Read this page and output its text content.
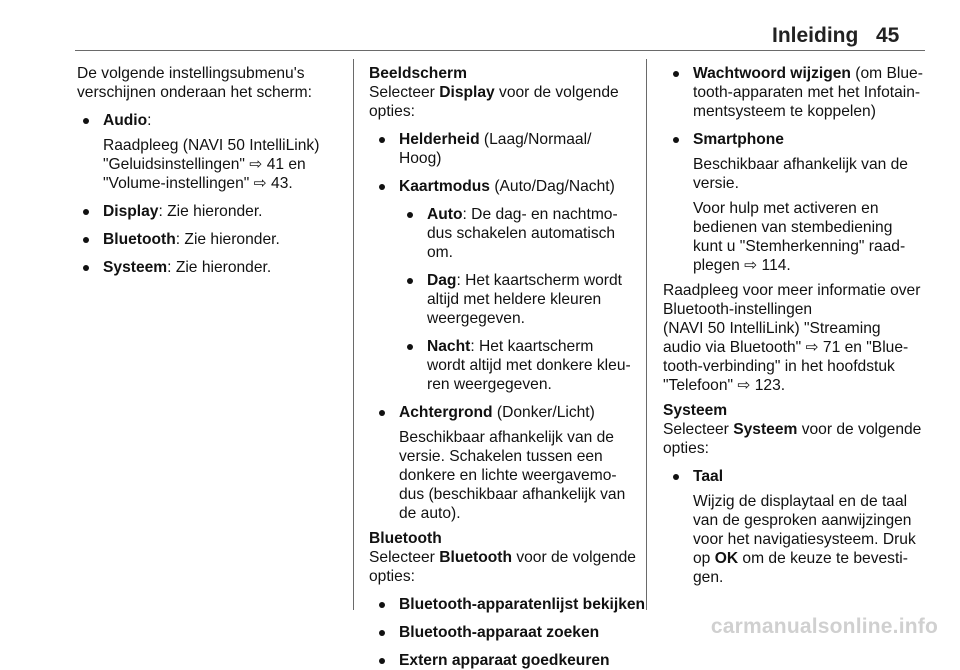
Inleiding 45

De volgende instellingsubmenu's

verschijnen onderaan het scherm:

Audio:
Raadpleeg (NAVI 50 IntelliLink)
"Geluidsinstellingen" ⇨ 41 en
"Volume-instellingen" ⇨ 43.
Display: Zie hieronder.
Bluetooth: Zie hieronder.
Systeem: Zie hieronder.

Beeldscherm

Selecteer Display voor de volgende

opties:

Helderheid (Laag/Normaal/
Hoog)
Kaartmodus (Auto/Dag/Nacht)
Auto: De dag- en nachtmo-
dus schakelen automatisch
om.
Dag: Het kaartscherm wordt
altijd met heldere kleuren
weergegeven.
Nacht: Het kaartscherm
wordt altijd met donkere kleu-
ren weergegeven.
Achtergrond (Donker/Licht)
Beschikbaar afhankelijk van de
versie. Schakelen tussen een
donkere en lichte weergavemo-
dus (beschikbaar afhankelijk van
de auto).

Bluetooth

Selecteer Bluetooth voor de volgende

opties:

Bluetooth-apparatenlijst bekijken
Bluetooth-apparaat zoeken
Extern apparaat goedkeuren
Wachtwoord wijzigen (om Blue-
tooth-apparaten met het Infotain-
mentsysteem te koppelen)
Smartphone
Beschikbaar afhankelijk van de
versie.
Voor hulp met activeren en
bedienen van stembediening
kunt u "Stemherkenning" raad-
plegen ⇨ 114.

Raadpleeg voor meer informatie over

Bluetooth-instellingen

(NAVI 50 IntelliLink) "Streaming

audio via Bluetooth" ⇨ 71 en "Blue-

tooth-verbinding" in het hoofdstuk

"Telefoon" ⇨ 123.

Systeem

Selecteer Systeem voor de volgende

opties:

Taal
Wijzig de displaytaal en de taal
van de gesproken aanwijzingen
voor het navigatiesysteem. Druk
op OK om de keuze te bevesti-
gen.
carmanualsonline.info
